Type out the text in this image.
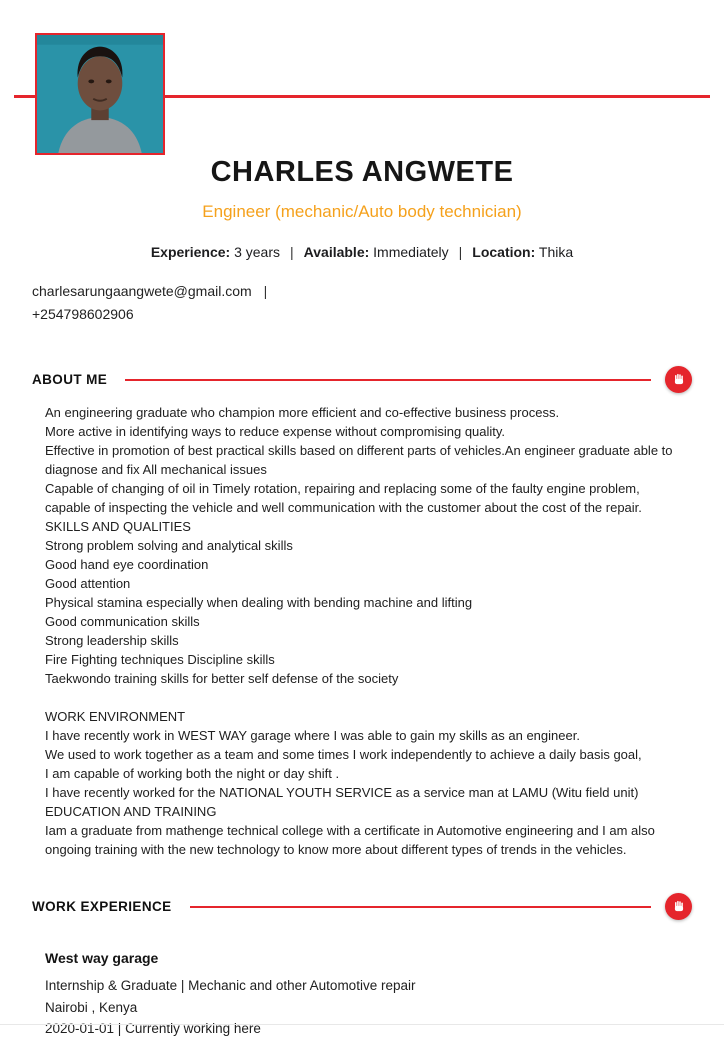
CHARLES ANGWETE
Engineer (mechanic/Auto body technician)
Experience: 3 years | Available: Immediately | Location: Thika
charlesarungaangwete@gmail.com |
+254798602906
ABOUT ME
An engineering graduate who champion more efficient and co-effective business process.
More active in identifying ways to reduce expense without compromising quality.
Effective in promotion of best practical skills based on different parts of vehicles.An engineer graduate able to diagnose and fix All mechanical issues
Capable of changing of oil in Timely rotation, repairing and replacing some of the faulty engine problem, capable of inspecting the vehicle and well communication with the customer about the cost of the repair.
SKILLS AND QUALITIES
Strong problem solving and analytical skills
Good hand eye coordination
Good attention
Physical stamina especially when dealing with bending machine and lifting
Good communication skills
Strong leadership skills
Fire Fighting techniques Discipline skills
Taekwondo training skills for better self defense of the society

WORK ENVIRONMENT
I have recently work in WEST WAY garage where I was able to gain my skills as an engineer.
We used to work together as a team and some times I work independently to achieve a daily basis goal,
I am capable of working both the night or day shift .
I have recently worked for the NATIONAL YOUTH SERVICE as a service man at LAMU (Witu field unit)
EDUCATION AND TRAINING
Iam a graduate from mathenge technical college with a certificate in Automotive engineering and I am also ongoing training with the new technology to know more about different types of trends in the vehicles.
WORK EXPERIENCE
West way garage
Internship & Graduate | Mechanic and other Automotive repair
Nairobi , Kenya
2020-01-01 | Currently working here
